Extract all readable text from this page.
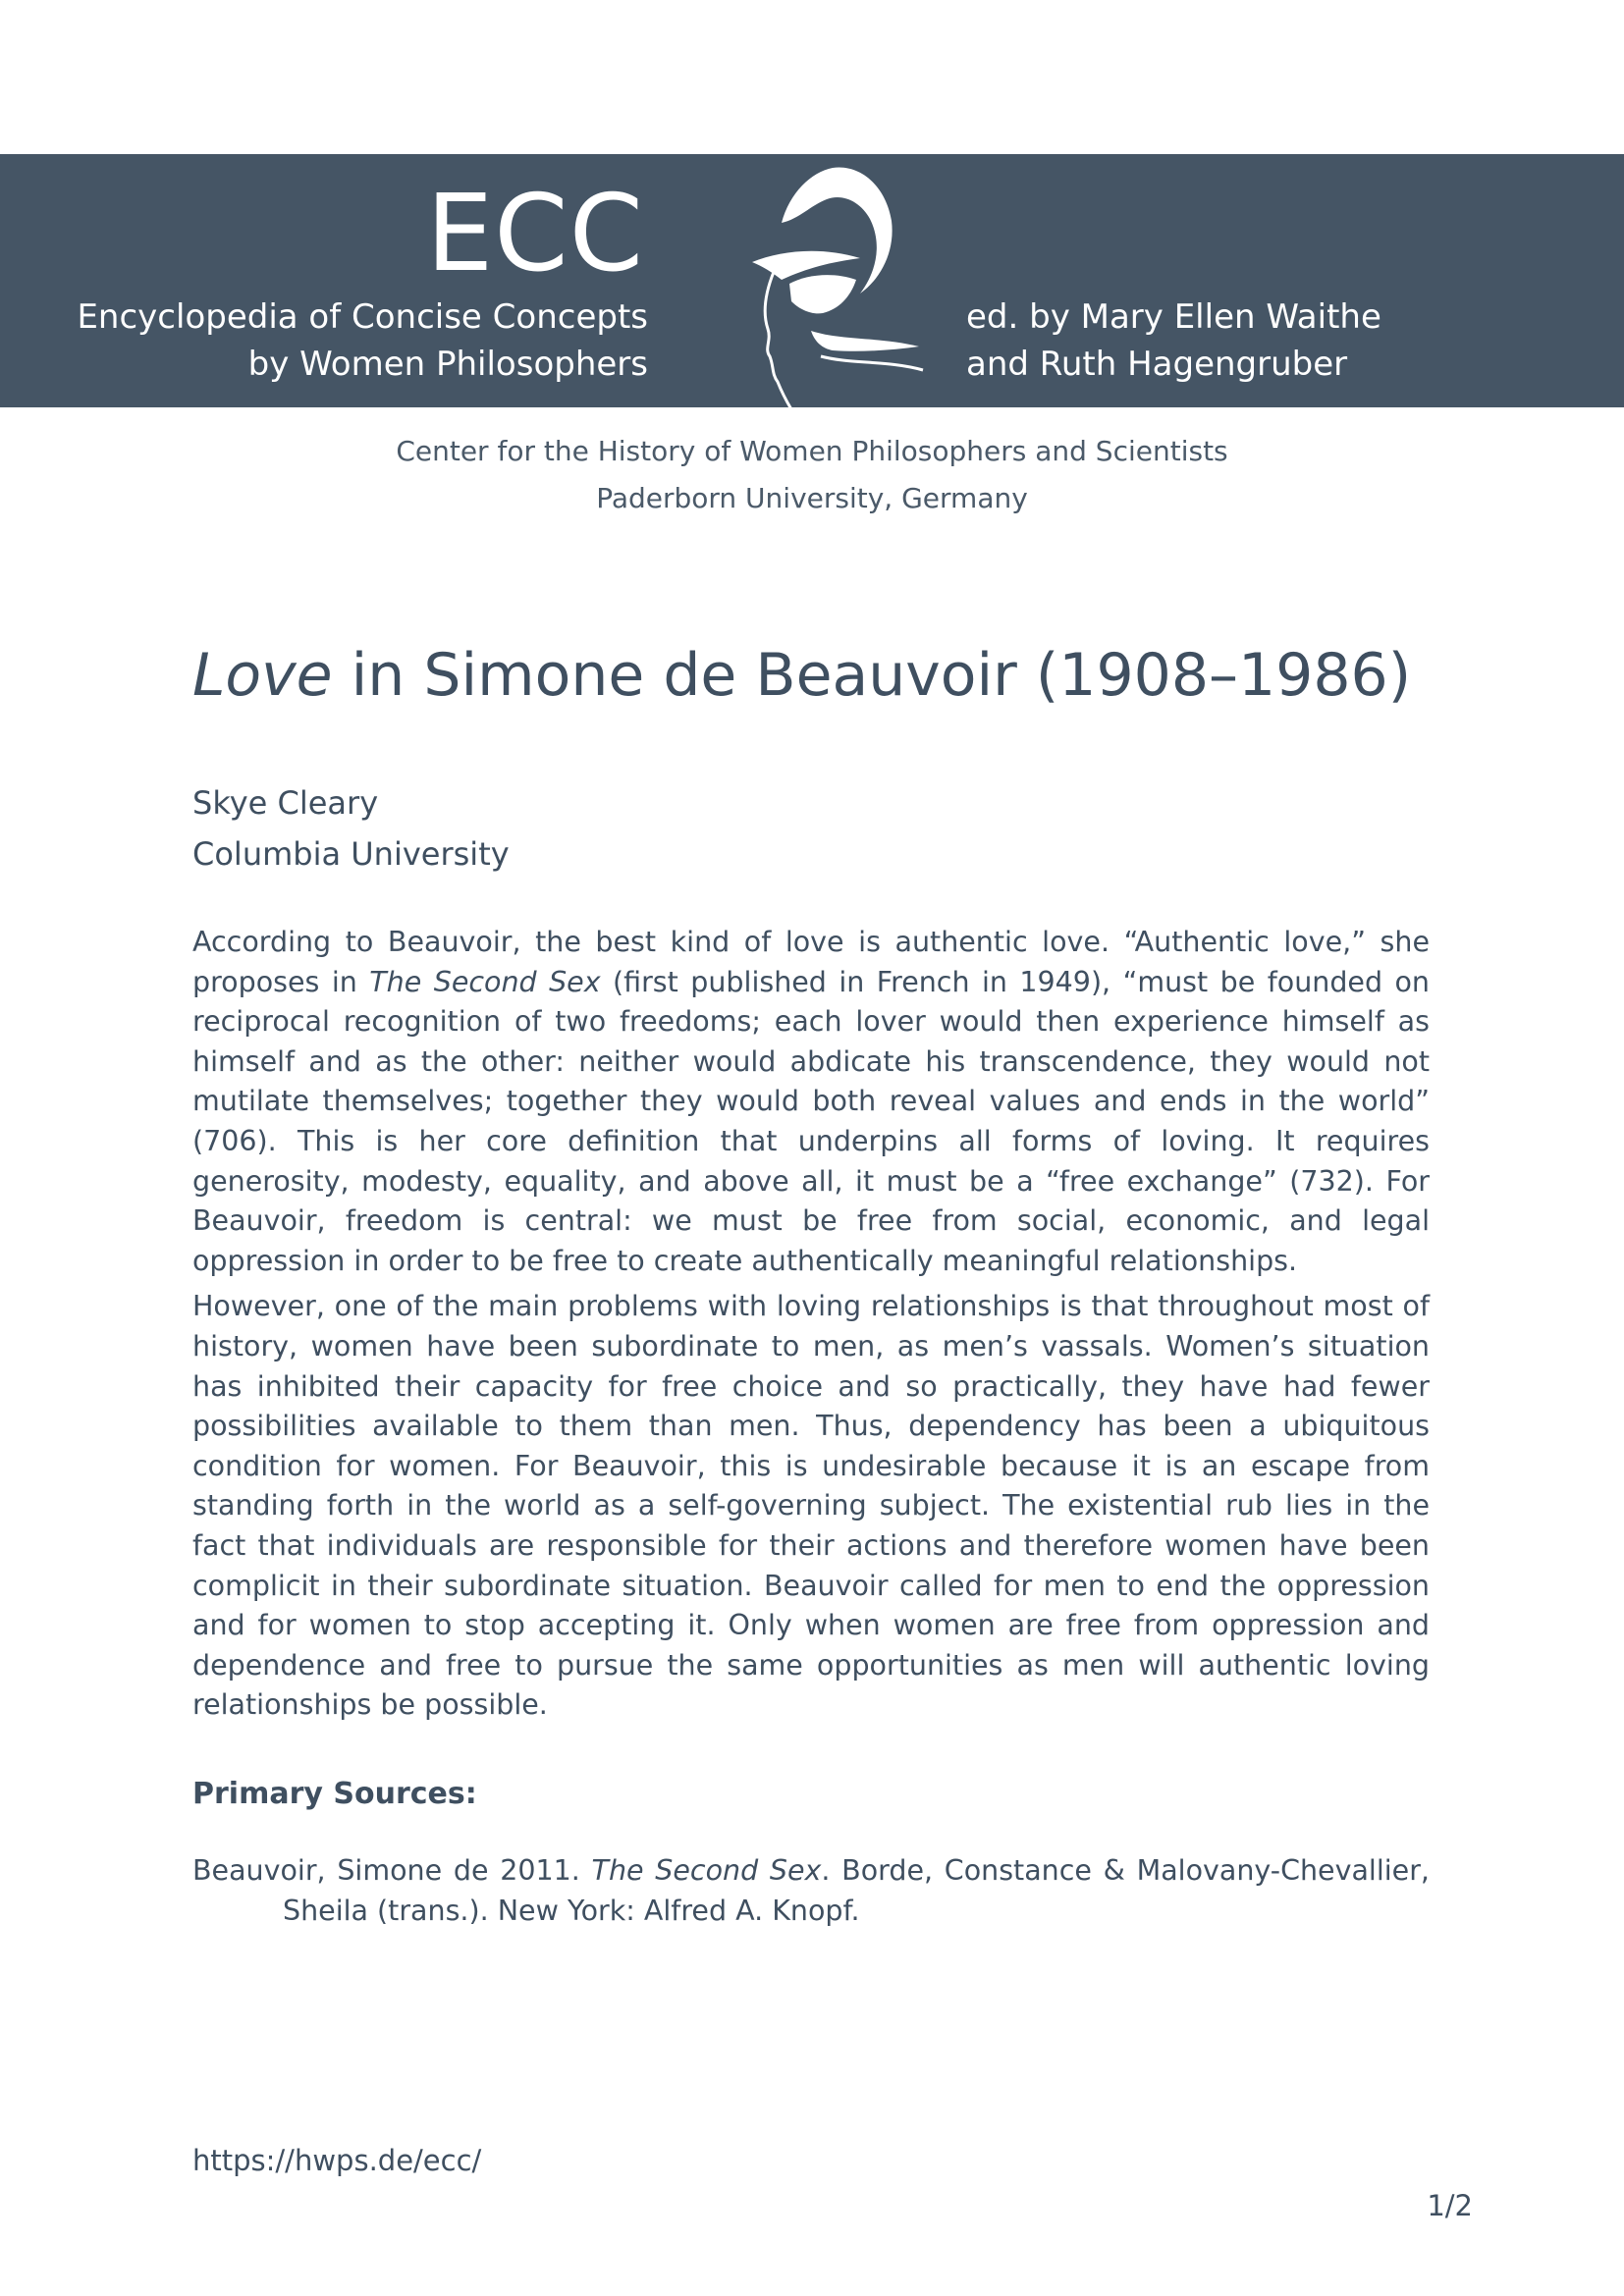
ECC
Encyclopedia of Concise Concepts
by Women Philosophers
ed. by Mary Ellen Waithe
and Ruth Hagengruber
Center for the History of Women Philosophers and Scientists
Paderborn University, Germany
Love in Simone de Beauvoir (1908–1986)
Skye Cleary
Columbia University

According to Beauvoir, the best kind of love is authentic love. “Authentic love,” she proposes in The Second Sex (first published in French in 1949), “must be founded on reciprocal recognition of two freedoms; each lover would then experience himself as himself and as the other: neither would abdicate his transcendence, they would not mutilate themselves; together they would both reveal values and ends in the world” (706). This is her core definition that underpins all forms of loving. It requires generosity, modesty, equality, and above all, it must be a “free exchange” (732). For Beauvoir, freedom is central: we must be free from social, economic, and legal oppression in order to be free to create authentically meaningful relationships.

However, one of the main problems with loving relationships is that throughout most of history, women have been subordinate to men, as men’s vassals. Women’s situation has inhibited their capacity for free choice and so practically, they have had fewer possibilities available to them than men. Thus, dependency has been a ubiquitous condition for women. For Beauvoir, this is undesirable because it is an escape from standing forth in the world as a self-governing subject. The existential rub lies in the fact that individuals are responsible for their actions and therefore women have been complicit in their subordinate situation. Beauvoir called for men to end the oppression and for women to stop accepting it. Only when women are free from oppression and dependence and free to pursue the same opportunities as men will authentic loving relationships be possible.

Primary Sources:
Beauvoir, Simone de 2011. The Second Sex. Borde, Constance & Malovany-Chevallier, Sheila (trans.). New York: Alfred A. Knopf.
https://hwps.de/ecc/
1/2
